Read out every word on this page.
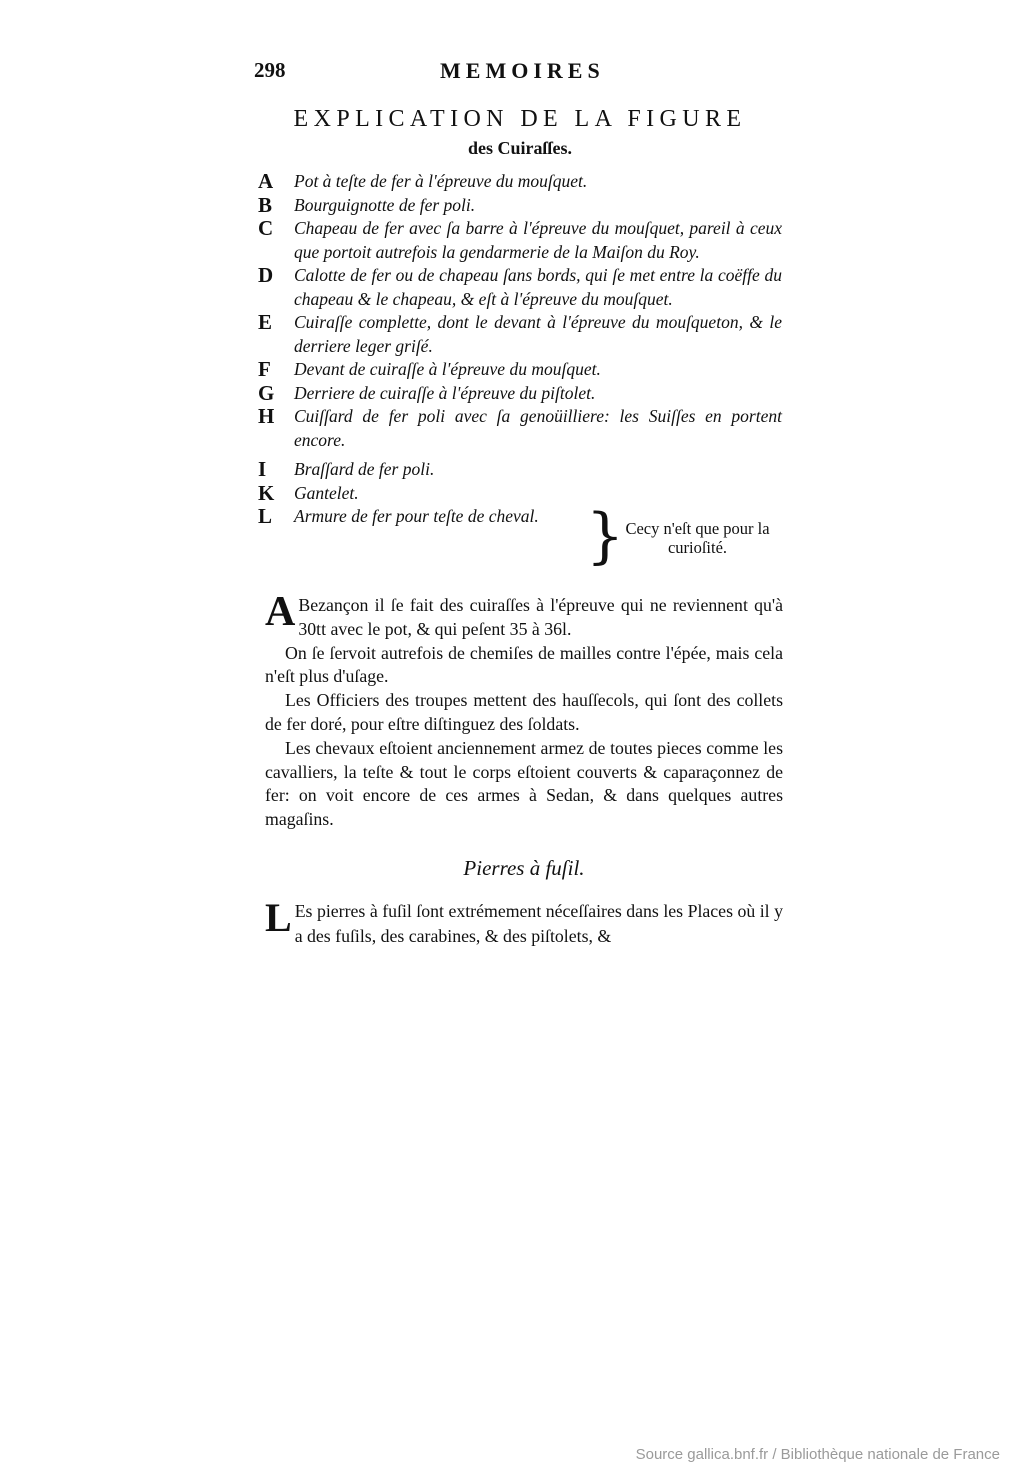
298	MEMOIRES
EXPLICATION DE LA FIGURE
des Cuiraſſes.
A	Pot à teſte de fer à l'épreuve du mouſquet.
B	Bourguignotte de fer poli.
C	Chapeau de fer avec ſa barre à l'épreuve du mouſquet, pareil à ceux que portoit autrefois la gendarmerie de la Maiſon du Roy.
D	Calotte de fer ou de chapeau ſans bords, qui ſe met entre la coëffe du chapeau & le chapeau, & eſt à l'épreuve du mouſquet.
E	Cuiraſſe complette, dont le devant à l'épreuve du mouſqueton, & le derriere leger griſé.
F	Devant de cuiraſſe à l'épreuve du mouſquet.
G	Derriere de cuiraſſe à l'épreuve du piſtolet.
H	Cuiſſard de fer poli avec ſa genoüilliere: les Suiſſes en portent encore.
I	Braſſard de fer poli.
K	Gantelet.
L	Armure de fer pour teſte de cheval. } Cecy n'eſt que pour la curioſité.

A Bezançon il ſe fait des cuiraſſes à l'épreuve qui ne reviennent qu'à 30tt avec le pot, & qui peſent 35 à 36l.

On ſe ſervoit autrefois de chemiſes de mailles contre l'épée, mais cela n'eſt plus d'uſage.

Les Officiers des troupes mettent des hauſſecols, qui ſont des collets de fer doré, pour eſtre diſtinguez des ſoldats.

Les chevaux eſtoient anciennement armez de toutes pieces comme les cavalliers, la teſte & tout le corps eſtoient couverts & caparaçonnez de fer: on voit encore de ces armes à Sedan, & dans quelques autres magaſins.

Pierres à fuſil.

L Es pierres à fuſil ſont extrémement néceſſaires dans les Places où il y a des fuſils, des carabines, & des piſtolets, &

Source gallica.bnf.fr / Bibliothèque nationale de France
